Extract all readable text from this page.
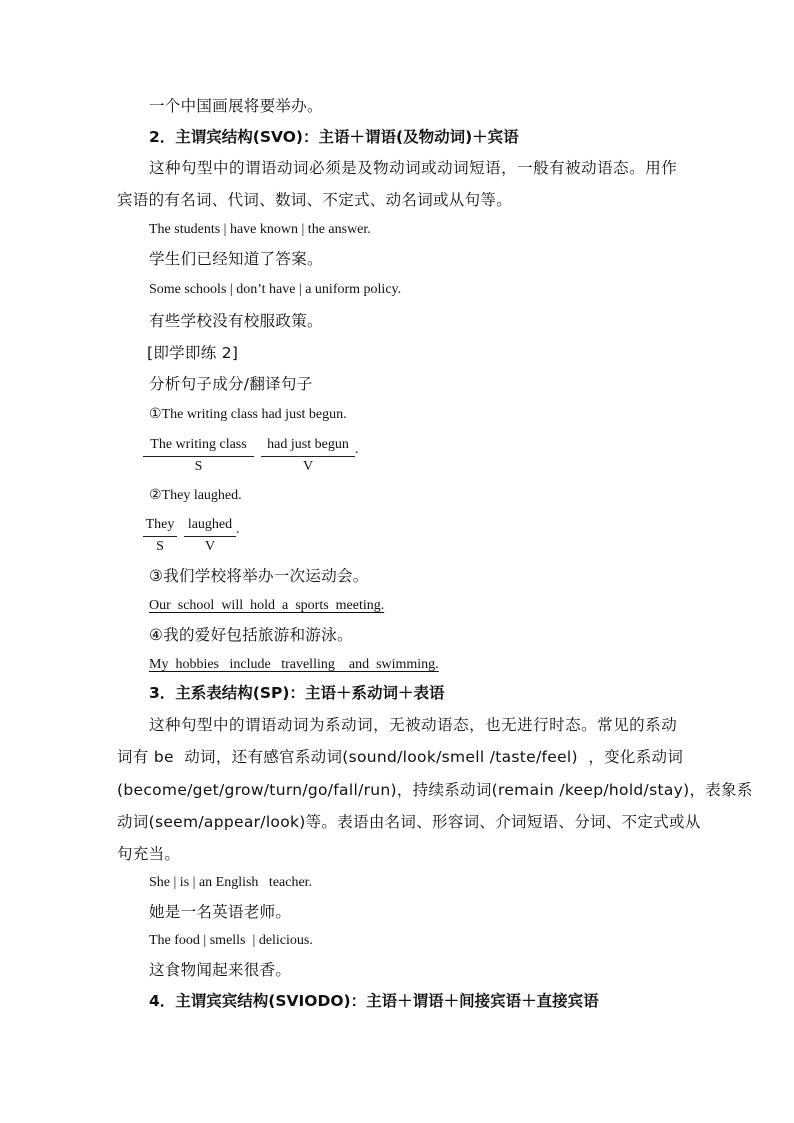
一个中国画展将要举办。
2．主谓宾结构(SVO)：主语＋谓语(及物动词)＋宾语
这种句型中的谓语动词必须是及物动词或动词短语，一般有被动语态。用作
宾语的有名词、代词、数词、不定式、动名词或从句等。
The students | have known | the answer.
学生们已经知道了答案。
Some schools | don’t have | a uniform policy.
有些学校没有校服政策。
[即学即练 2]
分析句子成分/翻译句子
①The writing class had just begun.
The writing class
S
had just begun
V
.
②They laughed.
They
S
laughed
V
.
③我们学校将举办一次运动会。
Our  school  will  hold  a  sports  meeting.
④我的爱好包括旅游和游泳。
My  hobbies   include   travelling    and  swimming.
3．主系表结构(SP)：主语＋系动词＋表语
这种句型中的谓语动词为系动词，无被动语态，也无进行时态。常见的系动
词有 be  动词，还有感官系动词(sound/look/smell /taste/feel)  ，变化系动词
(become/get/grow/turn/go/fall/run)，持续系动词(remain /keep/hold/stay)，表象系
动词(seem/appear/look)等。表语由名词、形容词、介词短语、分词、不定式或从
句充当。
She | is | an English   teacher.
她是一名英语老师。
The food | smells  | delicious.
这食物闻起来很香。
4．主谓宾宾结构(SVIODO)：主语＋谓语＋间接宾语＋直接宾语
